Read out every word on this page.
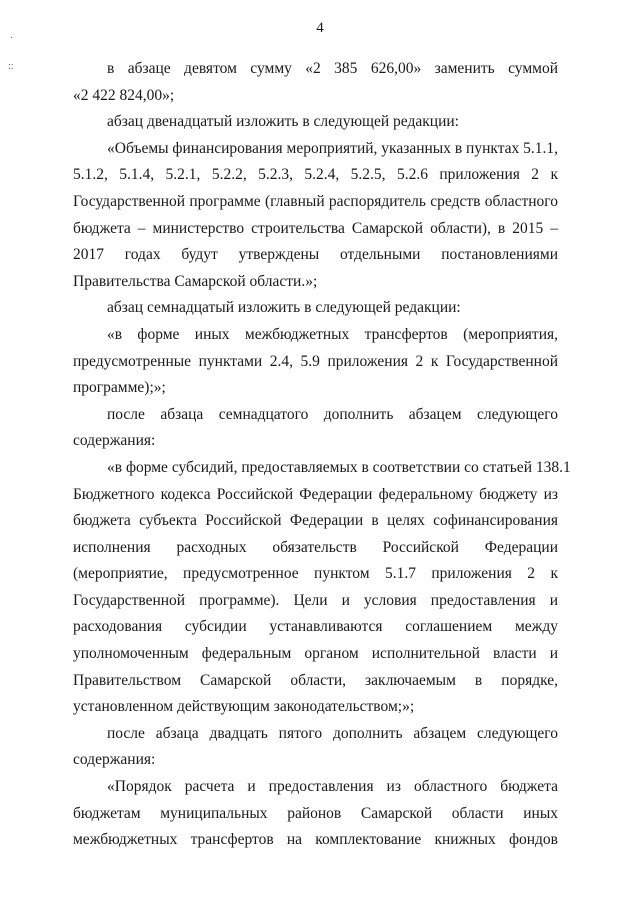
4
·
::	в абзаце девятом сумму «2 385 626,00» заменить суммой
«2 422 824,00»;
абзац двенадцатый изложить в следующей редакции:
«Объемы финансирования мероприятий, указанных в пунктах 5.1.1,
5.1.2, 5.1.4, 5.2.1, 5.2.2, 5.2.3, 5.2.4, 5.2.5, 5.2.6 приложения 2 к
Государственной программе (главный распорядитель средств областного
бюджета – министерство строительства Самарской области), в 2015 –
2017 годах будут утверждены отдельными постановлениями
Правительства Самарской области.»;
абзац семнадцатый изложить в следующей редакции:
«в форме иных межбюджетных трансфертов (мероприятия,
предусмотренные пунктами 2.4, 5.9 приложения 2 к Государственной
программе);»;
после абзаца семнадцатого дополнить абзацем следующего
содержания:
«в форме субсидий, предоставляемых в соответствии со статьей 138.1
Бюджетного кодекса Российской Федерации федеральному бюджету из
бюджета субъекта Российской Федерации в целях софинансирования
исполнения расходных обязательств Российской Федерации
(мероприятие, предусмотренное пунктом 5.1.7 приложения 2 к
Государственной программе). Цели и условия предоставления и
расходования субсидии устанавливаются соглашением между
уполномоченным федеральным органом исполнительной власти и
Правительством Самарской области, заключаемым в порядке,
установленном действующим законодательством;»;
после абзаца двадцать пятого дополнить абзацем следующего
содержания:
«Порядок расчета и предоставления из областного бюджета
бюджетам муниципальных районов Самарской области иных
межбюджетных трансфертов на комплектование книжных фондов
